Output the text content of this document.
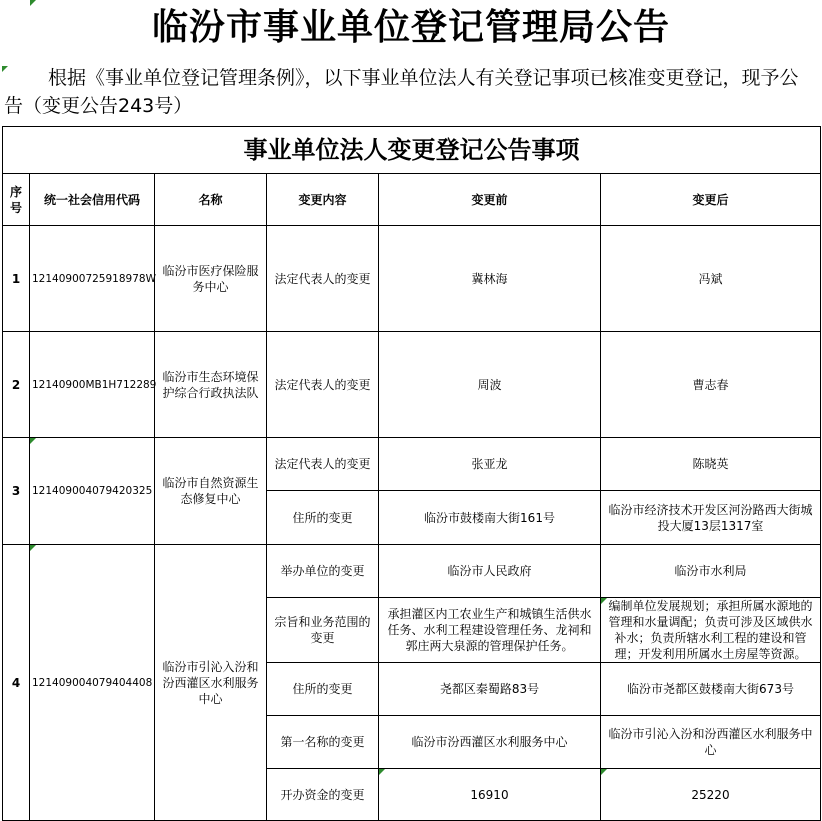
临汾市事业单位登记管理局公告
根据《事业单位登记管理条例》，以下事业单位法人有关登记事项已核准变更登记，现予公告（变更公告243号）
事业单位法人变更登记公告事项					
序号	统一社会信用代码	名称	变更内容	变更前	变更后
1	12140900725918978W	临汾市医疗保险服务中心	法定代表人的变更	冀林海	冯斌
2	12140900MB1H712289	临汾市生态环境保护综合行政执法队	法定代表人的变更	周波	曹志春
3	121409004079420325	临汾市自然资源生态修复中心	法定代表人的变更	张亚龙	陈晓英
			住所的变更	临汾市鼓楼南大街161号	临汾市经济技术开发区河汾路西大街城投大厦13层1317室
4	121409004079404408	临汾市引沁入汾和汾西灌区水利服务中心	举办单位的变更	临汾市人民政府	临汾市水利局
			宗旨和业务范围的变更	承担灌区内工农业生产和城镇生活供水任务、水利工程建设管理任务、龙祠和郭庄两大泉源的管理保护任务。	编制单位发展规划；承担所属水源地的管理和水量调配；负责可涉及区域供水补水；负责所辖水利工程的建设和管理；开发利用所属水土房屋等资源。
			住所的变更	尧都区秦蜀路83号	临汾市尧都区鼓楼南大街673号
			第一名称的变更	临汾市汾西灌区水利服务中心	临汾市引沁入汾和汾西灌区水利服务中心
			开办资金的变更	16910	25220
